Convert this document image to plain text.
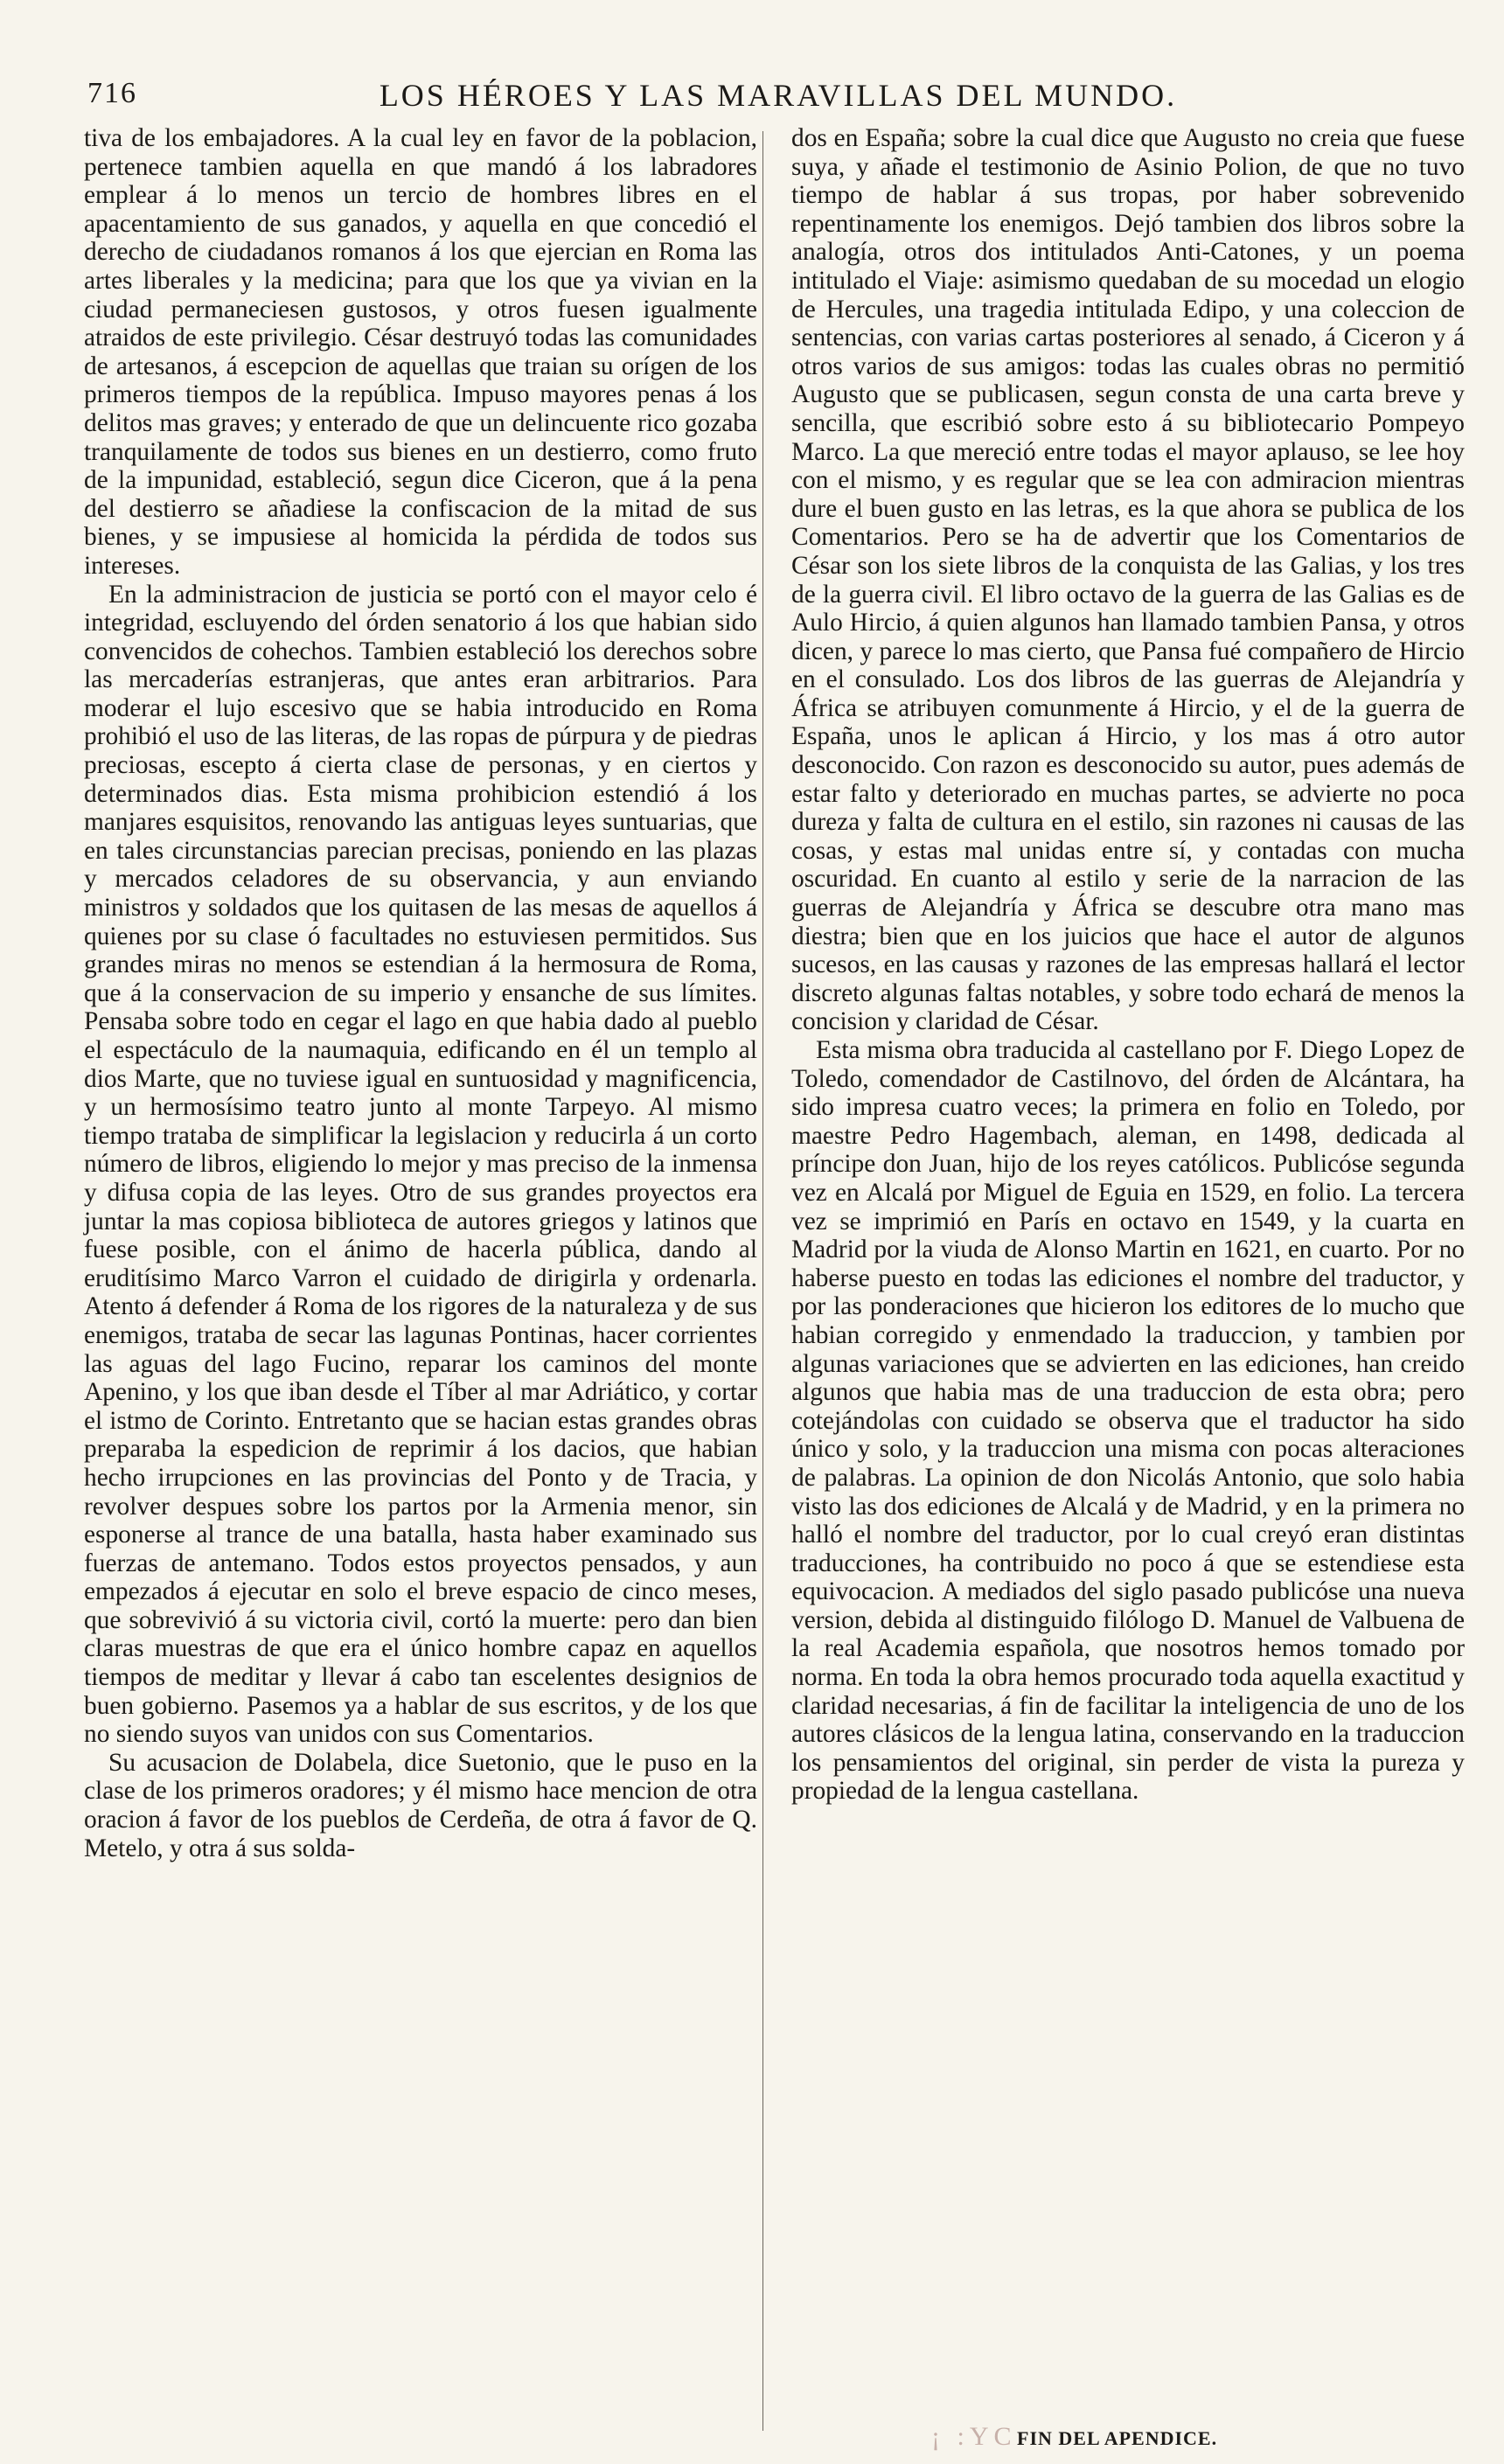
716	LOS HÉROES Y LAS MARAVILLAS DEL MUNDO.

tiva de los embajadores. A la cual ley en favor de la poblacion, pertenece tambien aquella en que mandó á los labradores emplear á lo menos un tercio de hombres libres en el apacentamiento de sus ganados, y aquella en que concedió el derecho de ciudadanos romanos á los que ejercian en Roma las artes liberales y la medicina; para que los que ya vivian en la ciudad permaneciesen gustosos, y otros fuesen igualmente atraidos de este privilegio. César destruyó todas las comunidades de artesanos, á escepcion de aquellas que traian su orígen de los primeros tiempos de la república. Impuso mayores penas á los delitos mas graves; y enterado de que un delincuente rico gozaba tranquilamente de todos sus bienes en un destierro, como fruto de la impunidad, estableció, segun dice Ciceron, que á la pena del destierro se añadiese la confiscacion de la mitad de sus bienes, y se impusiese al homicida la pérdida de todos sus intereses.

En la administracion de justicia se portó con el mayor celo é integridad, escluyendo del órden senatorio á los que habian sido convencidos de cohechos. Tambien estableció los derechos sobre las mercaderías estranjeras, que antes eran arbitrarios. Para moderar el lujo escesivo que se habia introducido en Roma prohibió el uso de las literas, de las ropas de púrpura y de piedras preciosas, escepto á cierta clase de personas, y en ciertos y determinados dias. Esta misma prohibicion estendió á los manjares esquisitos, renovando las antiguas leyes suntuarias, que en tales circunstancias parecian precisas, poniendo en las plazas y mercados celadores de su observancia, y aun enviando ministros y soldados que los quitasen de las mesas de aquellos á quienes por su clase ó facultades no estuviesen permitidos. Sus grandes miras no menos se estendian á la hermosura de Roma, que á la conservacion de su imperio y ensanche de sus límites. Pensaba sobre todo en cegar el lago en que habia dado al pueblo el espectáculo de la naumaquia, edificando en él un templo al dios Marte, que no tuviese igual en suntuosidad y magnificencia, y un hermosísimo teatro junto al monte Tarpeyo. Al mismo tiempo trataba de simplificar la legislacion y reducirla á un corto número de libros, eligiendo lo mejor y mas preciso de la inmensa y difusa copia de las leyes. Otro de sus grandes proyectos era juntar la mas copiosa biblioteca de autores griegos y latinos que fuese posible, con el ánimo de hacerla pública, dando al eruditísimo Marco Varron el cuidado de dirigirla y ordenarla. Atento á defender á Roma de los rigores de la naturaleza y de sus enemigos, trataba de secar las lagunas Pontinas, hacer corrientes las aguas del lago Fucino, reparar los caminos del monte Apenino, y los que iban desde el Tíber al mar Adriático, y cortar el istmo de Corinto. Entretanto que se hacian estas grandes obras preparaba la espedicion de reprimir á los dacios, que habian hecho irrupciones en las provincias del Ponto y de Tracia, y revolver despues sobre los partos por la Armenia menor, sin esponerse al trance de una batalla, hasta haber examinado sus fuerzas de antemano. Todos estos proyectos pensados, y aun empezados á ejecutar en solo el breve espacio de cinco meses, que sobrevivió á su victoria civil, cortó la muerte: pero dan bien claras muestras de que era el único hombre capaz en aquellos tiempos de meditar y llevar á cabo tan escelentes designios de buen gobierno. Pasemos ya a hablar de sus escritos, y de los que no siendo suyos van unidos con sus Comentarios.

Su acusacion de Dolabela, dice Suetonio, que le puso en la clase de los primeros oradores; y él mismo hace mencion de otra oracion á favor de los pueblos de Cerdeña, de otra á favor de Q. Metelo, y otra á sus solda-

dos en España; sobre la cual dice que Augusto no creia que fuese suya, y añade el testimonio de Asinio Polion, de que no tuvo tiempo de hablar á sus tropas, por haber sobrevenido repentinamente los enemigos. Dejó tambien dos libros sobre la analogía, otros dos intitulados Anti-Catones, y un poema intitulado el Viaje: asimismo quedaban de su mocedad un elogio de Hercules, una tragedia intitulada Edipo, y una coleccion de sentencias, con varias cartas posteriores al senado, á Ciceron y á otros varios de sus amigos: todas las cuales obras no permitió Augusto que se publicasen, segun consta de una carta breve y sencilla, que escribió sobre esto á su bibliotecario Pompeyo Marco. La que mereció entre todas el mayor aplauso, se lee hoy con el mismo, y es regular que se lea con admiracion mientras dure el buen gusto en las letras, es la que ahora se publica de los Comentarios. Pero se ha de advertir que los Comentarios de César son los siete libros de la conquista de las Galias, y los tres de la guerra civil. El libro octavo de la guerra de las Galias es de Aulo Hircio, á quien algunos han llamado tambien Pansa, y otros dicen, y parece lo mas cierto, que Pansa fué compañero de Hircio en el consulado. Los dos libros de las guerras de Alejandría y África se atribuyen comunmente á Hircio, y el de la guerra de España, unos le aplican á Hircio, y los mas á otro autor desconocido. Con razon es desconocido su autor, pues además de estar falto y deteriorado en muchas partes, se advierte no poca dureza y falta de cultura en el estilo, sin razones ni causas de las cosas, y estas mal unidas entre sí, y contadas con mucha oscuridad. En cuanto al estilo y serie de la narracion de las guerras de Alejandría y África se descubre otra mano mas diestra; bien que en los juicios que hace el autor de algunos sucesos, en las causas y razones de las empresas hallará el lector discreto algunas faltas notables, y sobre todo echará de menos la concision y claridad de César.

Esta misma obra traducida al castellano por F. Diego Lopez de Toledo, comendador de Castilnovo, del órden de Alcántara, ha sido impresa cuatro veces; la primera en folio en Toledo, por maestre Pedro Hagembach, aleman, en 1498, dedicada al príncipe don Juan, hijo de los reyes católicos. Publicóse segunda vez en Alcalá por Miguel de Eguia en 1529, en folio. La tercera vez se imprimió en París en octavo en 1549, y la cuarta en Madrid por la viuda de Alonso Martin en 1621, en cuarto. Por no haberse puesto en todas las ediciones el nombre del traductor, y por las ponderaciones que hicieron los editores de lo mucho que habian corregido y enmendado la traduccion, y tambien por algunas variaciones que se advierten en las ediciones, han creido algunos que habia mas de una traduccion de esta obra; pero cotejándolas con cuidado se observa que el traductor ha sido único y solo, y la traduccion una misma con pocas alteraciones de palabras. La opinion de don Nicolás Antonio, que solo habia visto las dos ediciones de Alcalá y de Madrid, y en la primera no halló el nombre del traductor, por lo cual creyó eran distintas traducciones, ha contribuido no poco á que se estendiese esta equivocacion. A mediados del siglo pasado publicóse una nueva version, debida al distinguido filólogo D. Manuel de Valbuena de la real Academia española, que nosotros hemos tomado por norma. En toda la obra hemos procurado toda aquella exactitud y claridad necesarias, á fin de facilitar la inteligencia de uno de los autores clásicos de la lengua latina, conservando en la traduccion los pensamientos del original, sin perder de vista la pureza y propiedad de la lengua castellana.

¡ :YC:
FIN DEL APENDICE.
